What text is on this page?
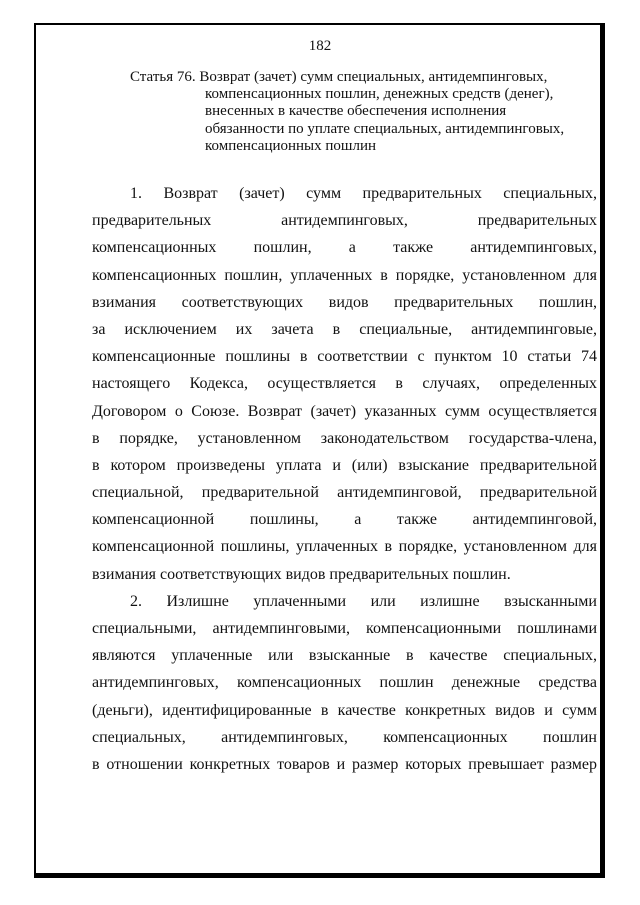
182
Статья 76. Возврат (зачет) сумм специальных, антидемпинговых,
компенсационных пошлин, денежных средств (денег),
внесенных в качестве обеспечения исполнения
обязанности по уплате специальных, антидемпинговых,
компенсационных пошлин
1. Возврат (зачет) сумм предварительных специальных,
предварительных антидемпинговых, предварительных
компенсационных пошлин, а также антидемпинговых,
компенсационных пошлин, уплаченных в порядке, установленном для
взимания соответствующих видов предварительных пошлин,
за исключением их зачета в специальные, антидемпинговые,
компенсационные пошлины в соответствии с пунктом 10 статьи 74
настоящего Кодекса, осуществляется в случаях, определенных
Договором о Союзе. Возврат (зачет) указанных сумм осуществляется
в порядке, установленном законодательством государства-члена,
в котором произведены уплата и (или) взыскание предварительной
специальной, предварительной антидемпинговой, предварительной
компенсационной пошлины, а также антидемпинговой,
компенсационной пошлины, уплаченных в порядке, установленном для
взимания соответствующих видов предварительных пошлин.
2. Излишне уплаченными или излишне взысканными
специальными, антидемпинговыми, компенсационными пошлинами
являются уплаченные или взысканные в качестве специальных,
антидемпинговых, компенсационных пошлин денежные средства
(деньги), идентифицированные в качестве конкретных видов и сумм
специальных, антидемпинговых, компенсационных пошлин
в отношении конкретных товаров и размер которых превышает размер
